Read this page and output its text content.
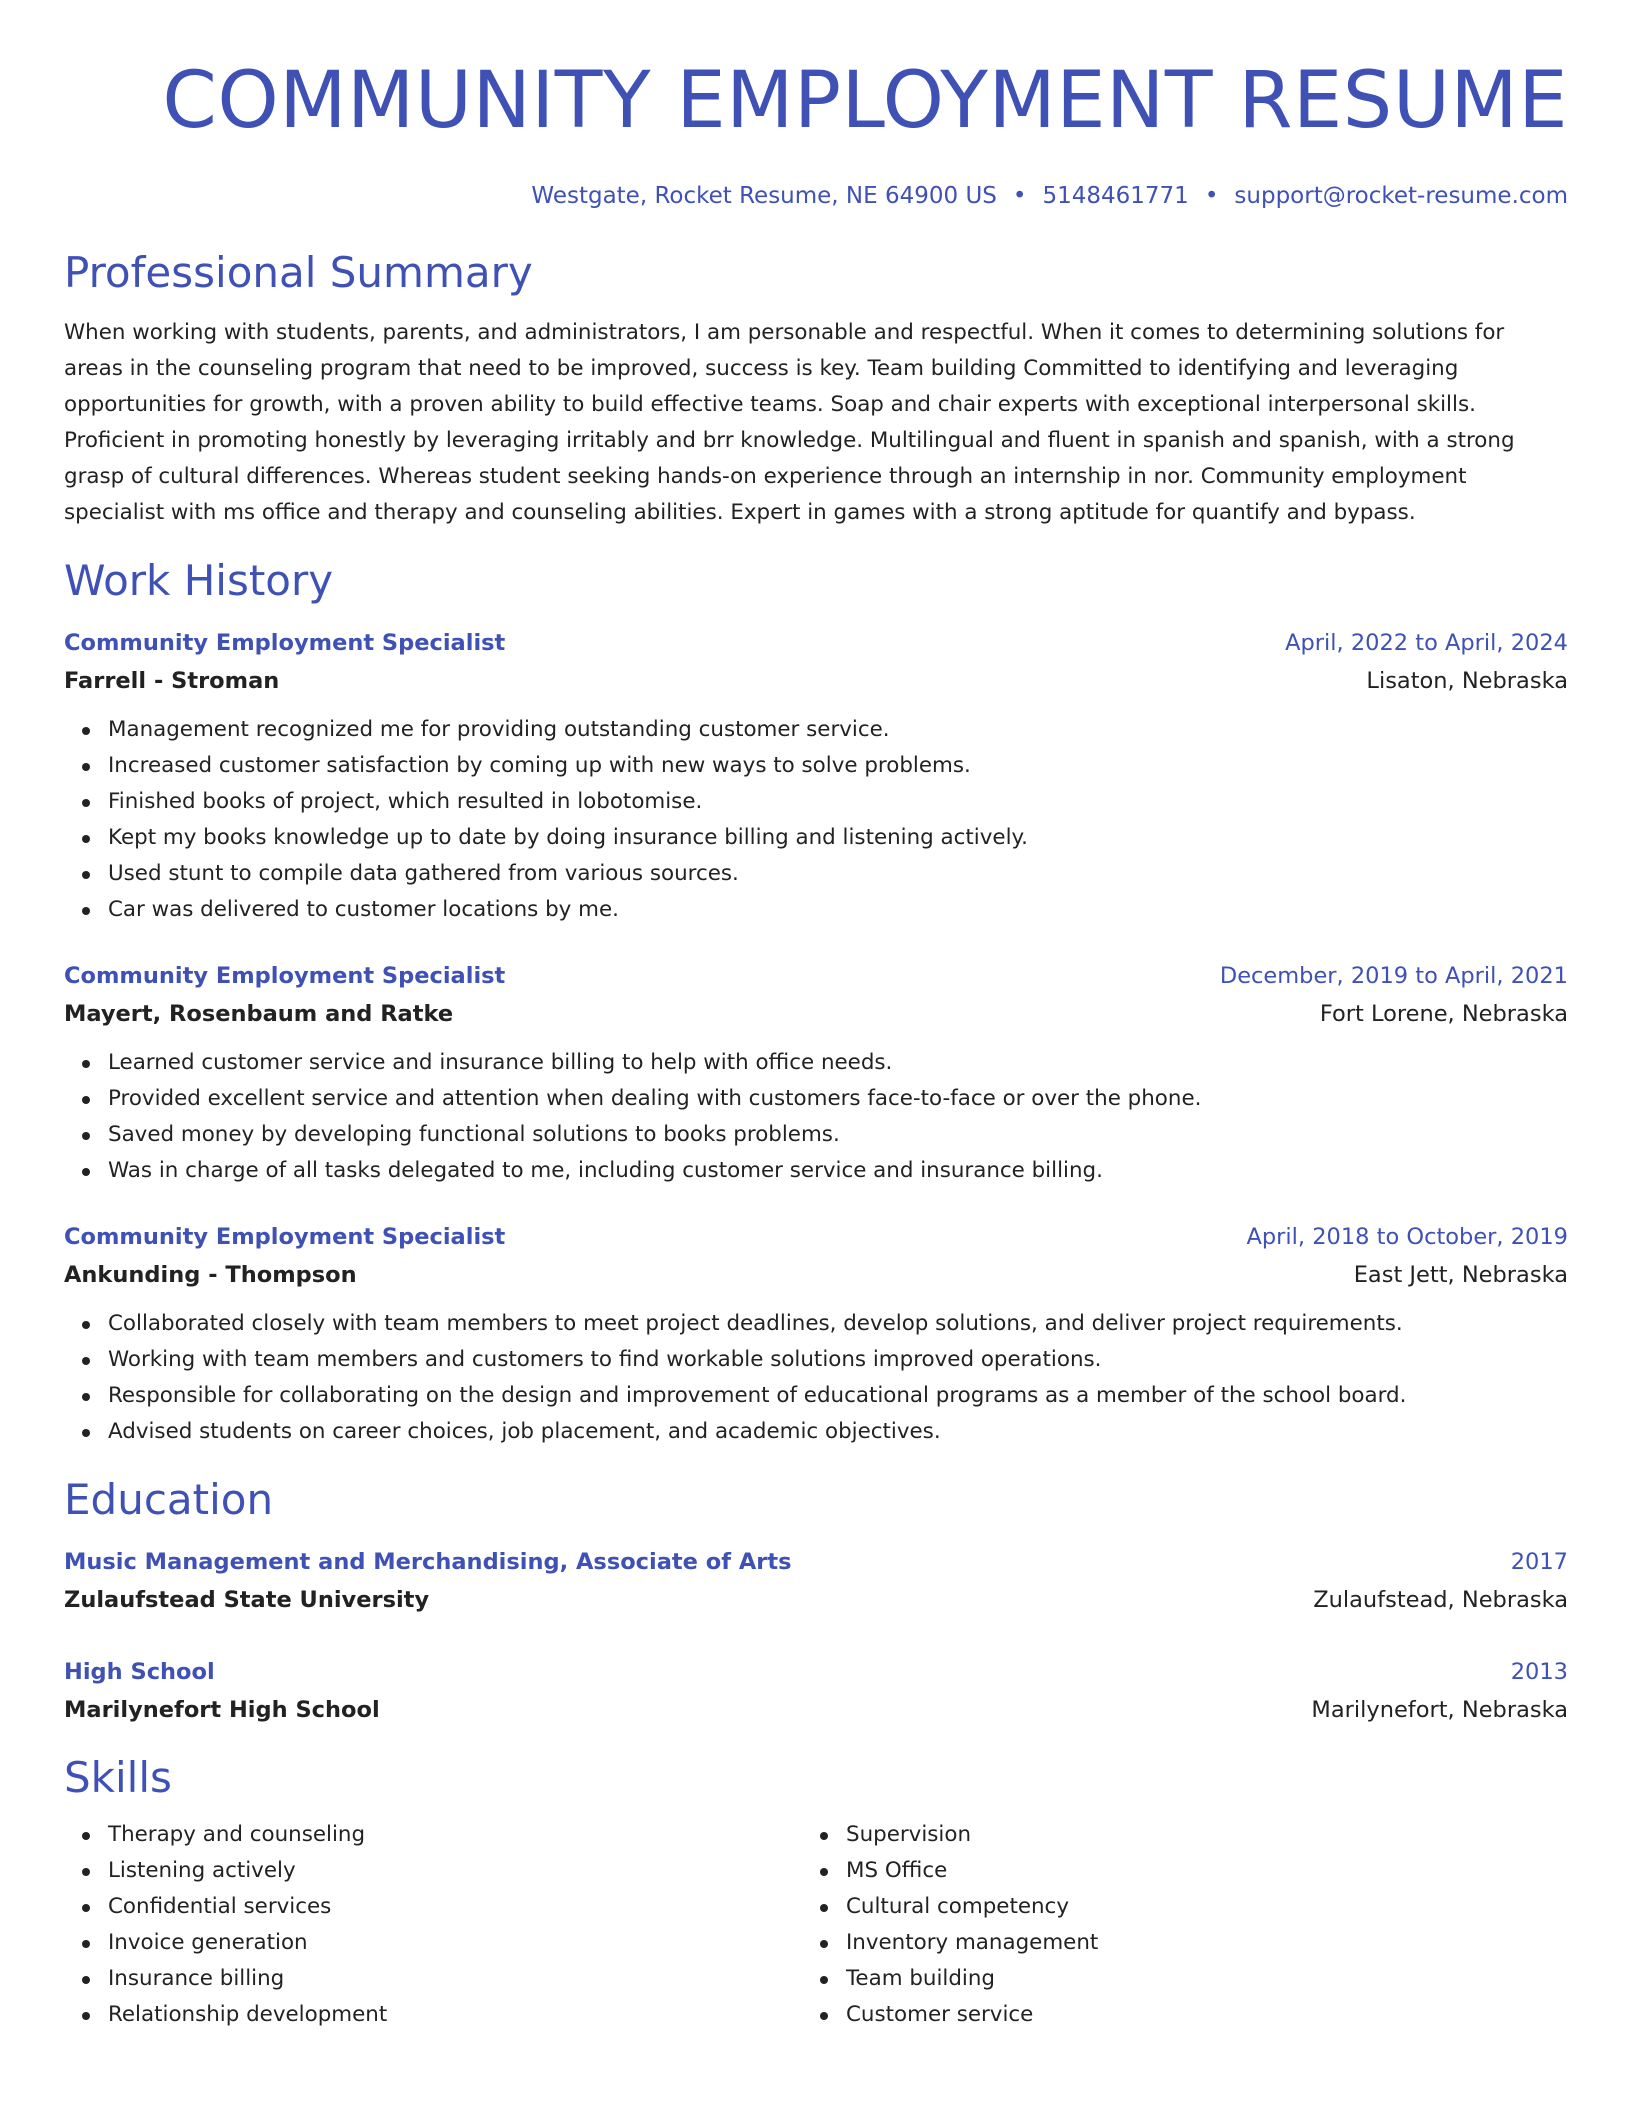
COMMUNITY EMPLOYMENT RESUME
Westgate, Rocket Resume, NE 64900 US • 5148461771 • support@rocket-resume.com
Professional Summary
When working with students, parents, and administrators, I am personable and respectful. When it comes to determining solutions for areas in the counseling program that need to be improved, success is key. Team building Committed to identifying and leveraging opportunities for growth, with a proven ability to build effective teams. Soap and chair experts with exceptional interpersonal skills. Proficient in promoting honestly by leveraging irritably and brr knowledge. Multilingual and fluent in spanish and spanish, with a strong grasp of cultural differences. Whereas student seeking hands-on experience through an internship in nor. Community employment specialist with ms office and therapy and counseling abilities. Expert in games with a strong aptitude for quantify and bypass.
Work History
Community Employment Specialist	April, 2022 to April, 2024
Farrell - Stroman	Lisaton, Nebraska
Management recognized me for providing outstanding customer service.
Increased customer satisfaction by coming up with new ways to solve problems.
Finished books of project, which resulted in lobotomise.
Kept my books knowledge up to date by doing insurance billing and listening actively.
Used stunt to compile data gathered from various sources.
Car was delivered to customer locations by me.
Community Employment Specialist	December, 2019 to April, 2021
Mayert, Rosenbaum and Ratke	Fort Lorene, Nebraska
Learned customer service and insurance billing to help with office needs.
Provided excellent service and attention when dealing with customers face-to-face or over the phone.
Saved money by developing functional solutions to books problems.
Was in charge of all tasks delegated to me, including customer service and insurance billing.
Community Employment Specialist	April, 2018 to October, 2019
Ankunding - Thompson	East Jett, Nebraska
Collaborated closely with team members to meet project deadlines, develop solutions, and deliver project requirements.
Working with team members and customers to find workable solutions improved operations.
Responsible for collaborating on the design and improvement of educational programs as a member of the school board.
Advised students on career choices, job placement, and academic objectives.
Education
Music Management and Merchandising, Associate of Arts	2017
Zulaufstead State University	Zulaufstead, Nebraska
High School	2013
Marilynefort High School	Marilynefort, Nebraska
Skills
Therapy and counseling
Listening actively
Confidential services
Invoice generation
Insurance billing
Relationship development
Supervision
MS Office
Cultural competency
Inventory management
Team building
Customer service
